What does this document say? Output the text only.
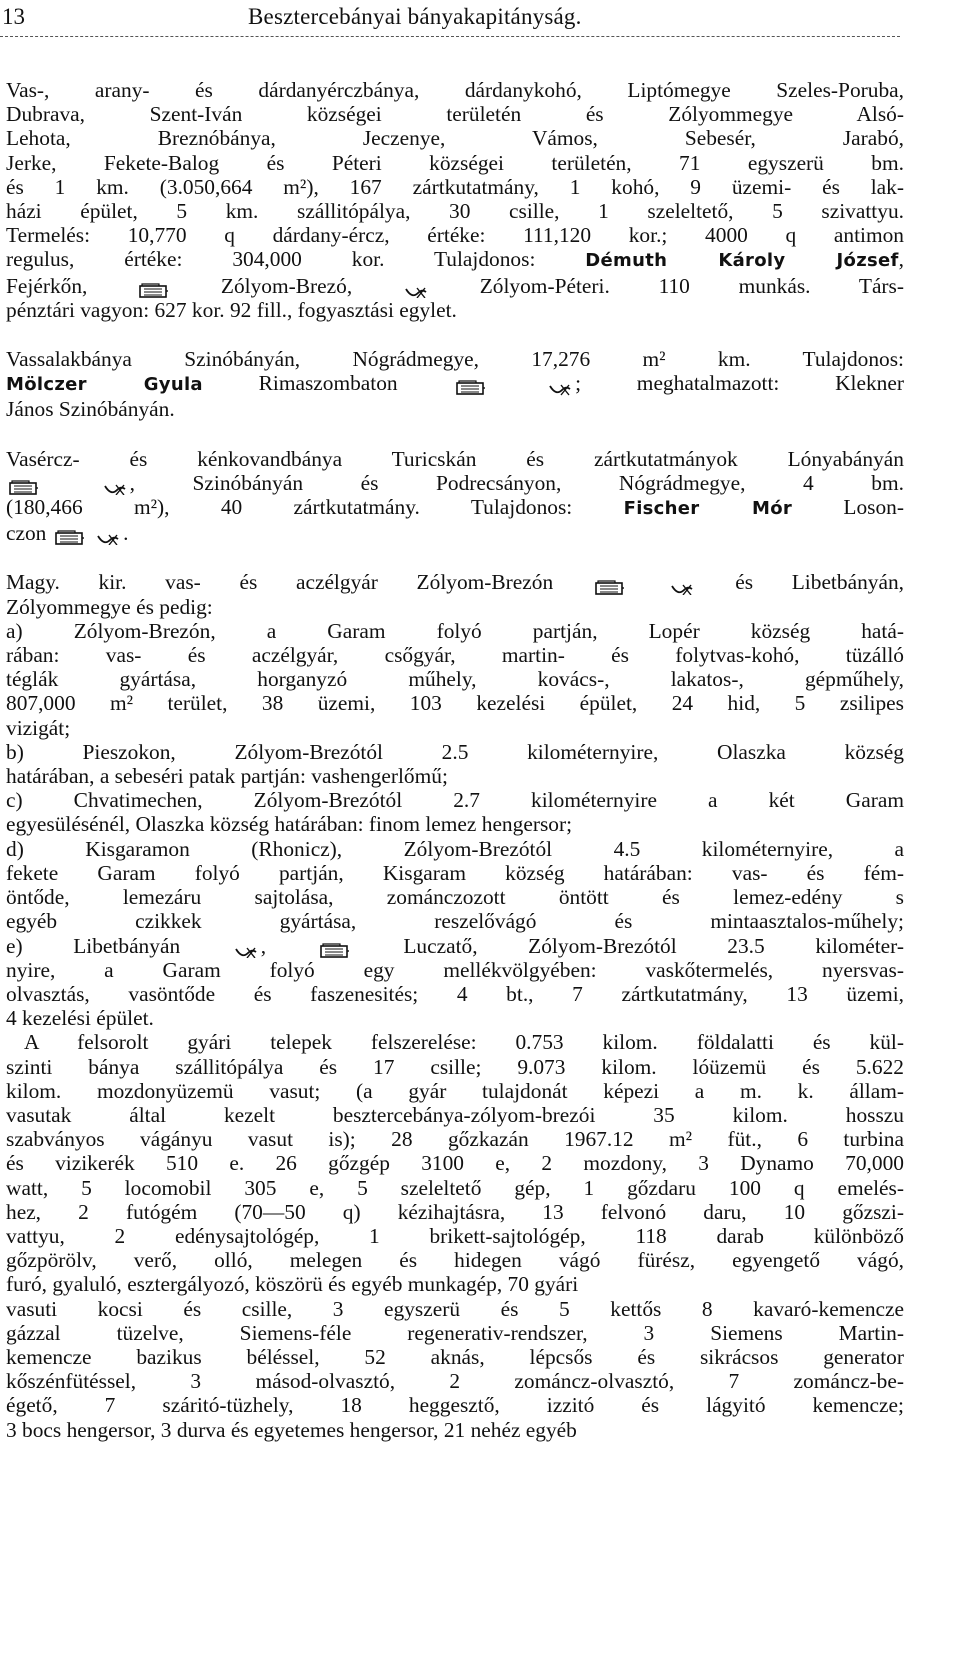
13	Besztercebányai bányakapitányság.
Vas-, arany- és dárdanyérczbánya, dárdanykohó, Liptómegye Szeles-Poruba,
Dubrava, Szent-Iván községei területén és Zólyommegye Alsó-
Lehota, Breznóbánya, Jeczenye, Vámos, Sebesér, Jarabó,
Jerke, Fekete-Balog és Péteri községei területén, 71 egyszerü bm.
és 1 km. (3.050,664 m²), 167 zártkutatmány, 1 kohó, 9 üzemi- és lak-
házi épület, 5 km. szállitópálya, 30 csille, 1 szeleltető, 5 szivattyu.
Termelés: 10,770 q dárdany-ércz, értéke: 111,120 kor.; 4000 q antimon
regulus, értéke: 304,000 kor. Tulajdonos: Démuth Károly József,
Fejérkőn,  Zólyom-Brezó,  Zólyom-Péteri. 110 munkás. Társ-
pénztári vagyon: 627 kor. 92 fill., fogyasztási egylet.
Vassalakbánya Szinóbányán, Nógrádmegye, 17,276 m² km. Tulajdonos:
Mölczer Gyula Rimaszombaton	; meghatalmazott: Klekner
János Szinóbányán.
Vasércz- és kénkovandbánya Turicskán és zártkutatmányok Lónyabányán
, Szinóbányán és Podrecsányon, Nógrádmegye, 4 bm.
(180,466 m²), 40 zártkutatmány. Tulajdonos: Fischer Mór Loson-
czon	.
Magy. kir. vas- és aczélgyár Zólyom-Brezón	és Libetbányán,
Zólyommegye és pedig:
a) Zólyom-Brezón, a Garam folyó partján, Lopér község hatá-
rában: vas- és aczélgyár, csőgyár, martin- és folytvas-kohó, tüzálló
téglák gyártása, horganyzó műhely, kovács-, lakatos-, gépműhely,
807,000 m² terület, 38 üzemi, 103 kezelési épület, 24 hid, 5 zsilipes
vizigát;
b) Pieszokon, Zólyom-Brezótól 2.5 kilométernyire, Olaszka község
határában, a sebeséri patak partján: vashengerlőmű;
c) Chvatimechen, Zólyom-Brezótól 2.7 kilométernyire a két Garam
egyesülésénél, Olaszka község határában: finom lemez hengersor;
d) Kisgaramon (Rhonicz), Zólyom-Brezótól 4.5 kilométernyire, a
fekete Garam folyó partján, Kisgaram község határában: vas- és fém-
öntőde, lemezáru sajtolása, zománczozott öntött és lemez-edény s
egyéb czikkek gyártása, reszelővágó és mintaasztalos-műhely;
e) Libetbányán ,  Luczatő, Zólyom-Brezótól 23.5 kilométer-
nyire, a Garam folyó egy mellékvölgyében: vaskőtermelés, nyersvas-
olvasztás, vasöntőde és faszenesités; 4 bt., 7 zártkutatmány, 13 üzemi,
4 kezelési épület.
A felsorolt gyári telepek felszerelése: 0.753 kilom. földalatti és kül-
szinti bánya szállitópálya és 17 csille; 9.073 kilom. lóüzemü és 5.622
kilom. mozdonyüzemü vasut; (a gyár tulajdonát képezi a m. k. állam-
vasutak által kezelt besztercebánya-zólyom-brezói 35 kilom. hosszu
szabványos vágányu vasut is); 28 gőzkazán 1967.12 m² füt., 6 turbina
és vizikerék 510 e. 26 gőzgép 3100 e, 2 mozdony, 3 Dynamo 70,000
watt, 5 locomobil 305 e, 5 szeleltető gép, 1 gőzdaru 100 q emelés-
hez, 2 futógém (70—50 q) kézihajtásra, 13 felvonó daru, 10 gőzszi-
vattyu, 2 edénysajtológép, 1 brikett-sajtológép, 118 darab különböző
gőzpörölv, verő, olló, melegen és hidegen vágó fürész, egyengető vágó,
furó, gyaluló, esztergályozó, köszörü és egyéb munkagép, 70 gyári
vasuti kocsi és csille, 3 egyszerü és 5 kettős 8 kavaró-kemencze
gázzal tüzelve, Siemens-féle regenerativ-rendszer, 3 Siemens Martin-
kemencze bazikus béléssel, 52 aknás, lépcsős és sikrácsos generator
kőszénfütéssel, 3 másod-olvasztó, 2 zománcz-olvasztó, 7 zománcz-be-
égető, 7 száritó-tüzhely, 18 heggesztő, izzitó és lágyitó kemencze;
3 bocs hengersor, 3 durva és egyetemes hengersor, 21 nehéz egyéb
